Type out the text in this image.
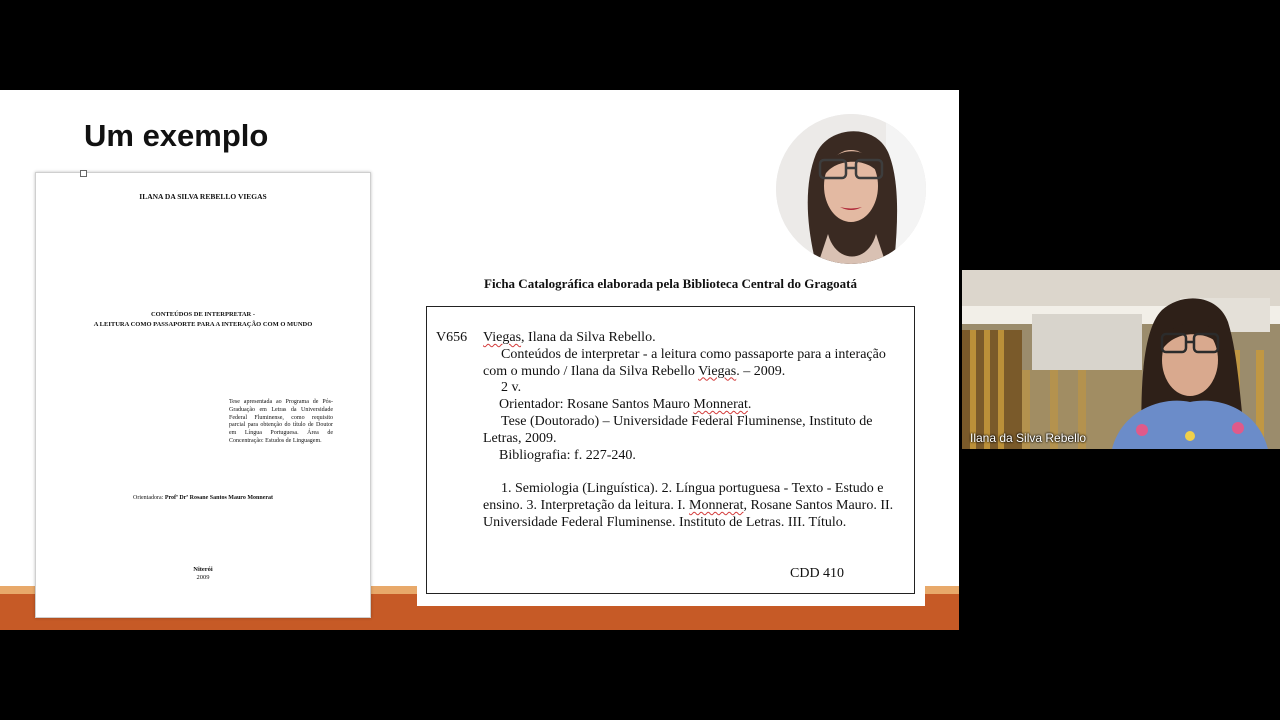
Um exemplo
ILANA DA SILVA REBELLO VIEGAS
CONTEÚDOS DE INTERPRETAR -
A LEITURA COMO PASSAPORTE PARA A INTERAÇÃO COM O MUNDO
Tese apresentada ao Programa de Pós-Graduação em Letras da Universidade Federal Fluminense, como requisito parcial para obtenção do título de Doutor em Língua Portuguesa. Área de Concentração: Estudos de Linguagem.
Orientadora: Profª Drª Rosane Santos Mauro Monnerat
Niterói
2009
Ficha Catalográfica elaborada pela Biblioteca Central do Gragoatá
V656 Viegas, Ilana da Silva Rebello.

Conteúdos de interpretar - a leitura como passaporte para a interação com o mundo / Ilana da Silva Rebello Viegas. – 2009.

2 v.

Orientador: Rosane Santos Mauro Monnerat.

Tese (Doutorado) – Universidade Federal Fluminense, Instituto de Letras, 2009.

Bibliografia: f. 227-240.

1. Semiologia (Linguística). 2. Língua portuguesa - Texto - Estudo e ensino. 3. Interpretação da leitura. I. Monnerat, Rosane Santos Mauro. II. Universidade Federal Fluminense. Instituto de Letras. III. Título.

CDD 410
Ilana da Silva Rebello
